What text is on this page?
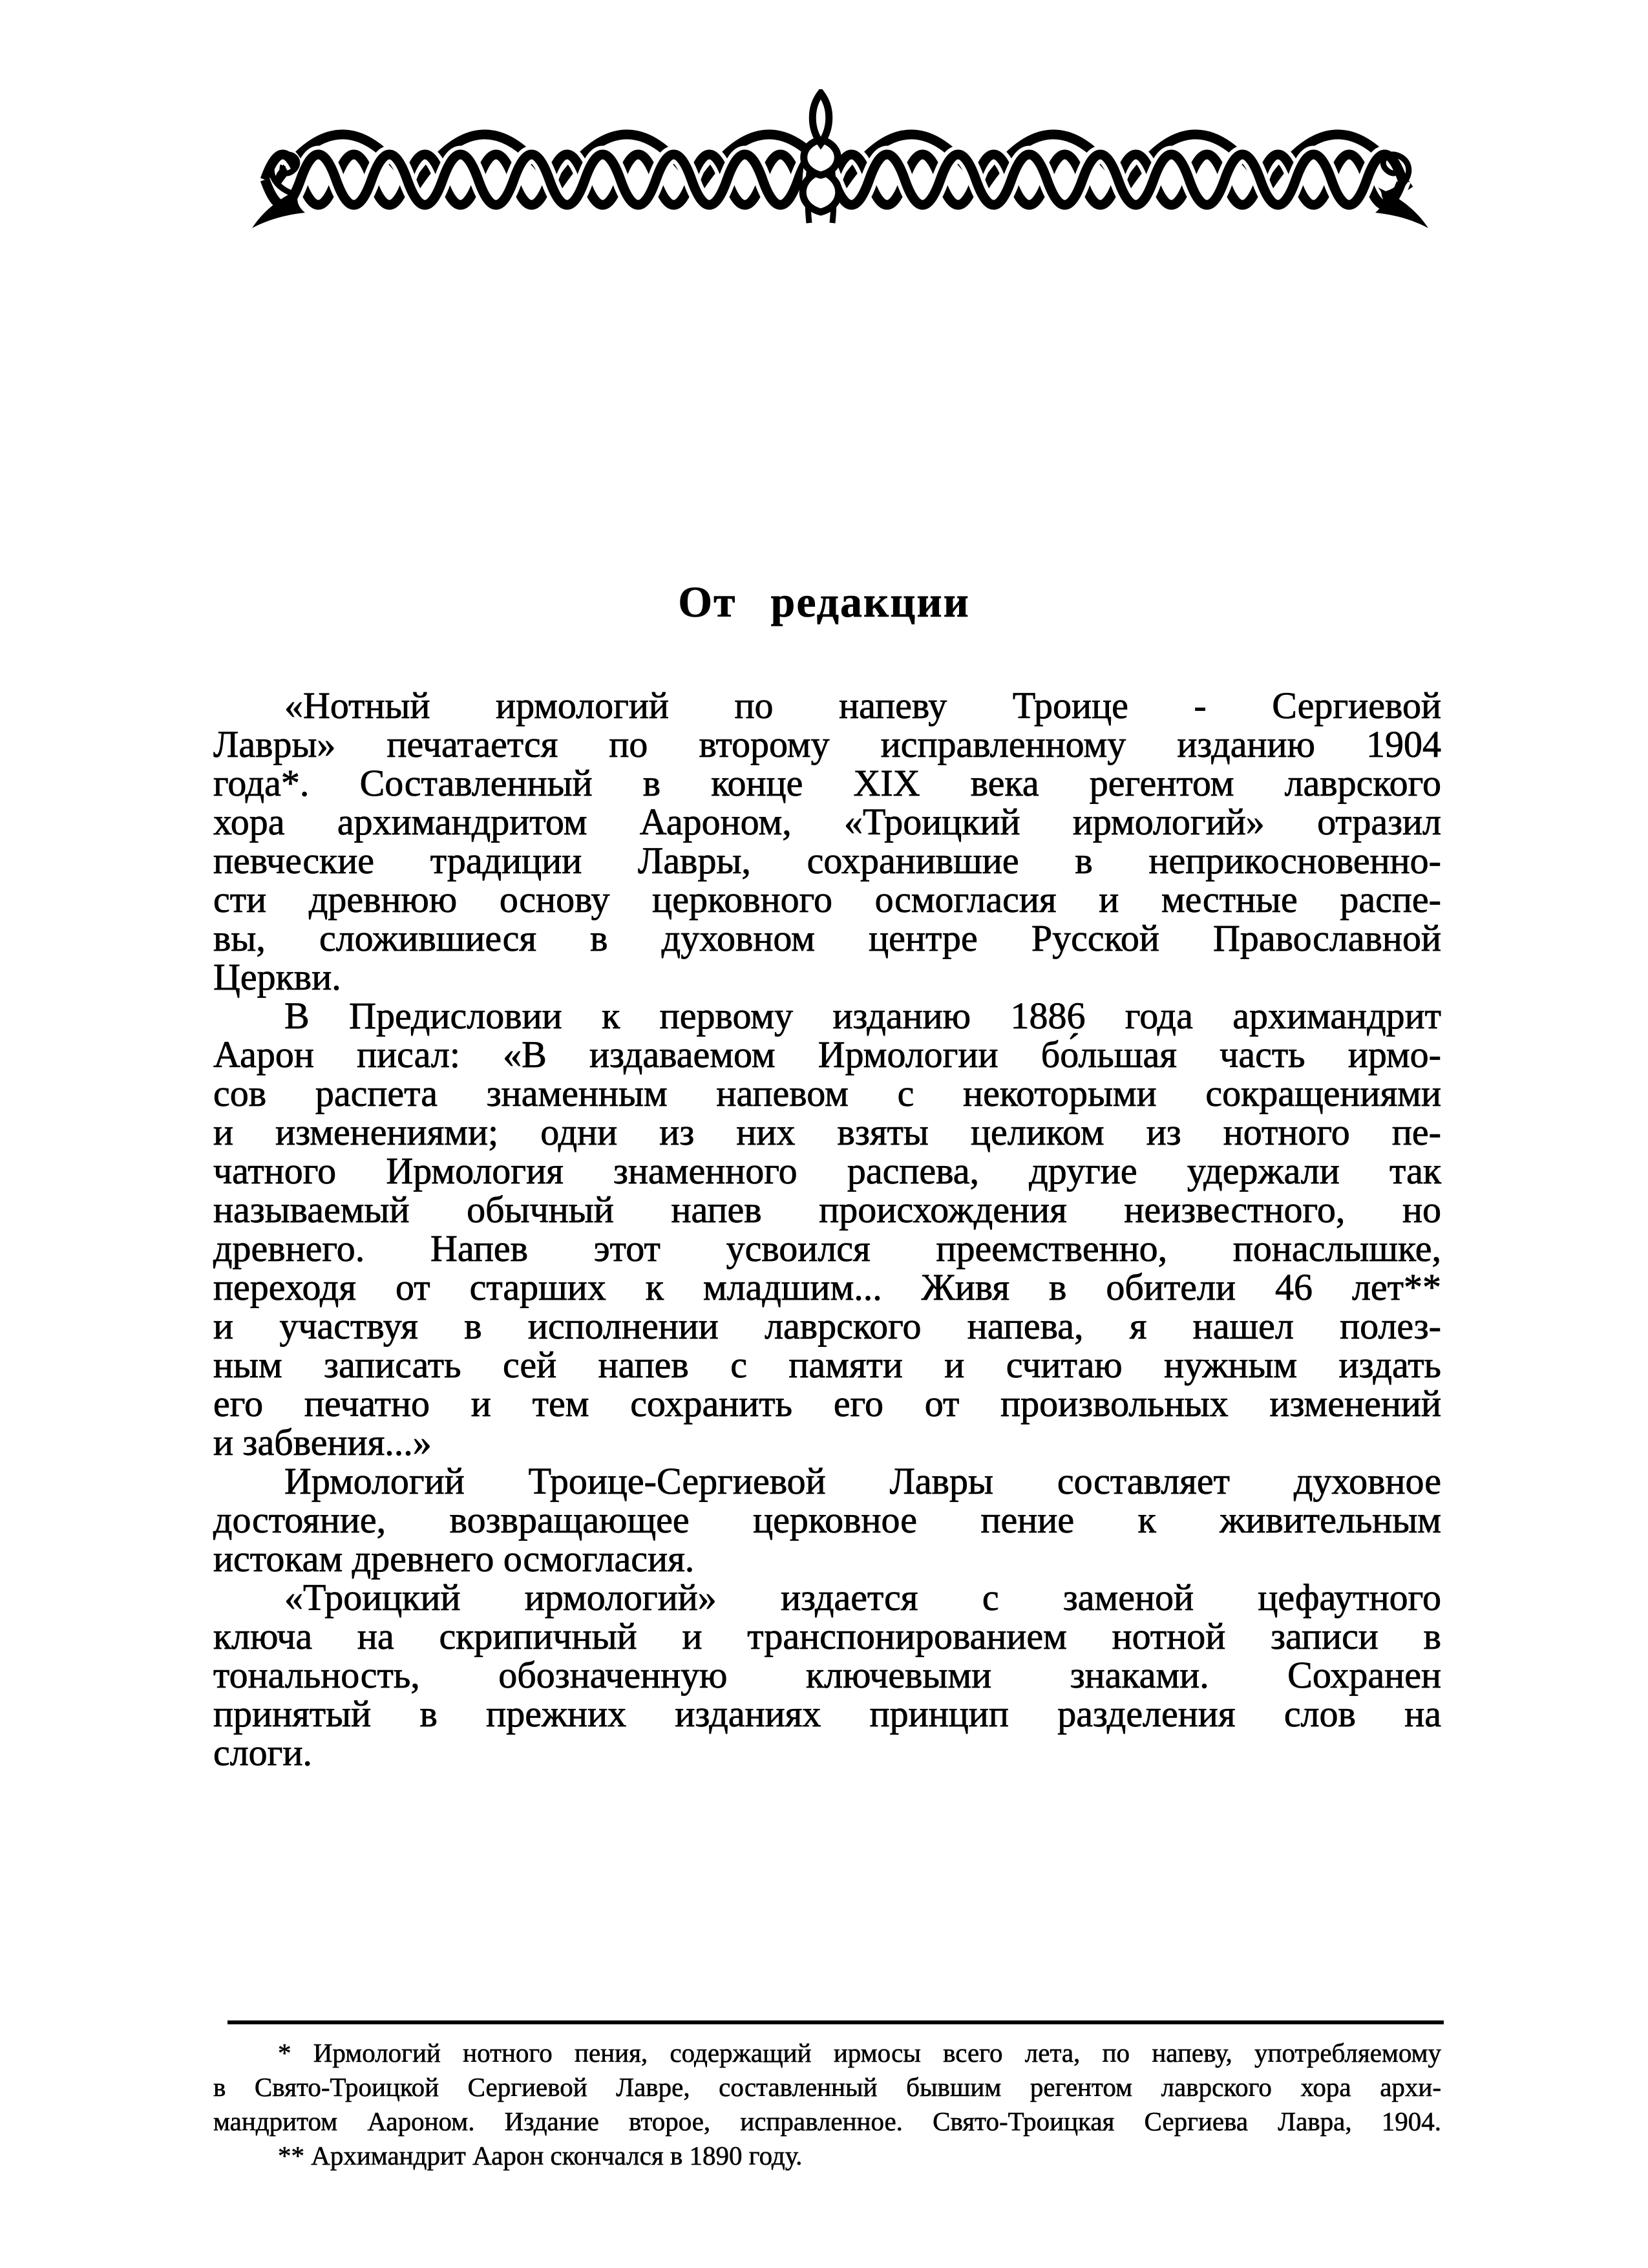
От редакции
«Нотный ирмологий по напеву Троице - Сергиевой
Лавры» печатается по второму исправленному изданию 1904
года*. Составленный в конце XIX века регентом лаврского
хора архимандритом Аароном, «Троицкий ирмологий» отразил
певческие традиции Лавры, сохранившие в неприкосновенно-
сти древнюю основу церковного осмогласия и местные распе-
вы, сложившиеся в духовном центре Русской Православной
Церкви.
В Предисловии к первому изданию 1886 года архимандрит
Аарон писал: «В издаваемом Ирмологии бо́льшая часть ирмо-
сов распета знаменным напевом с некоторыми сокращениями
и изменениями; одни из них взяты целиком из нотного пе-
чатного Ирмология знаменного распева, другие удержали так
называемый обычный напев происхождения неизвестного, но
древнего. Напев этот усвоился преемственно, понаслышке,
переходя от старших к младшим... Живя в обители 46 лет**
и участвуя в исполнении лаврского напева, я нашел полез-
ным записать сей напев с памяти и считаю нужным издать
его печатно и тем сохранить его от произвольных изменений
и забвения...»
Ирмологий Троице-Сергиевой Лавры составляет духовное
достояние, возвращающее церковное пение к живительным
истокам древнего осмогласия.
«Троицкий ирмологий» издается с заменой цефаутного
ключа на скрипичный и транспонированием нотной записи в
тональность, обозначенную ключевыми знаками. Сохранен
принятый в прежних изданиях принцип разделения слов на
слоги.
* Ирмологий нотного пения, содержащий ирмосы всего лета, по напеву, употребляемому
в Свято-Троицкой Сергиевой Лавре, составленный бывшим регентом лаврского хора архи-
мандритом Аароном. Издание второе, исправленное. Свято-Троицкая Сергиева Лавра, 1904.
** Архимандрит Аарон скончался в 1890 году.
